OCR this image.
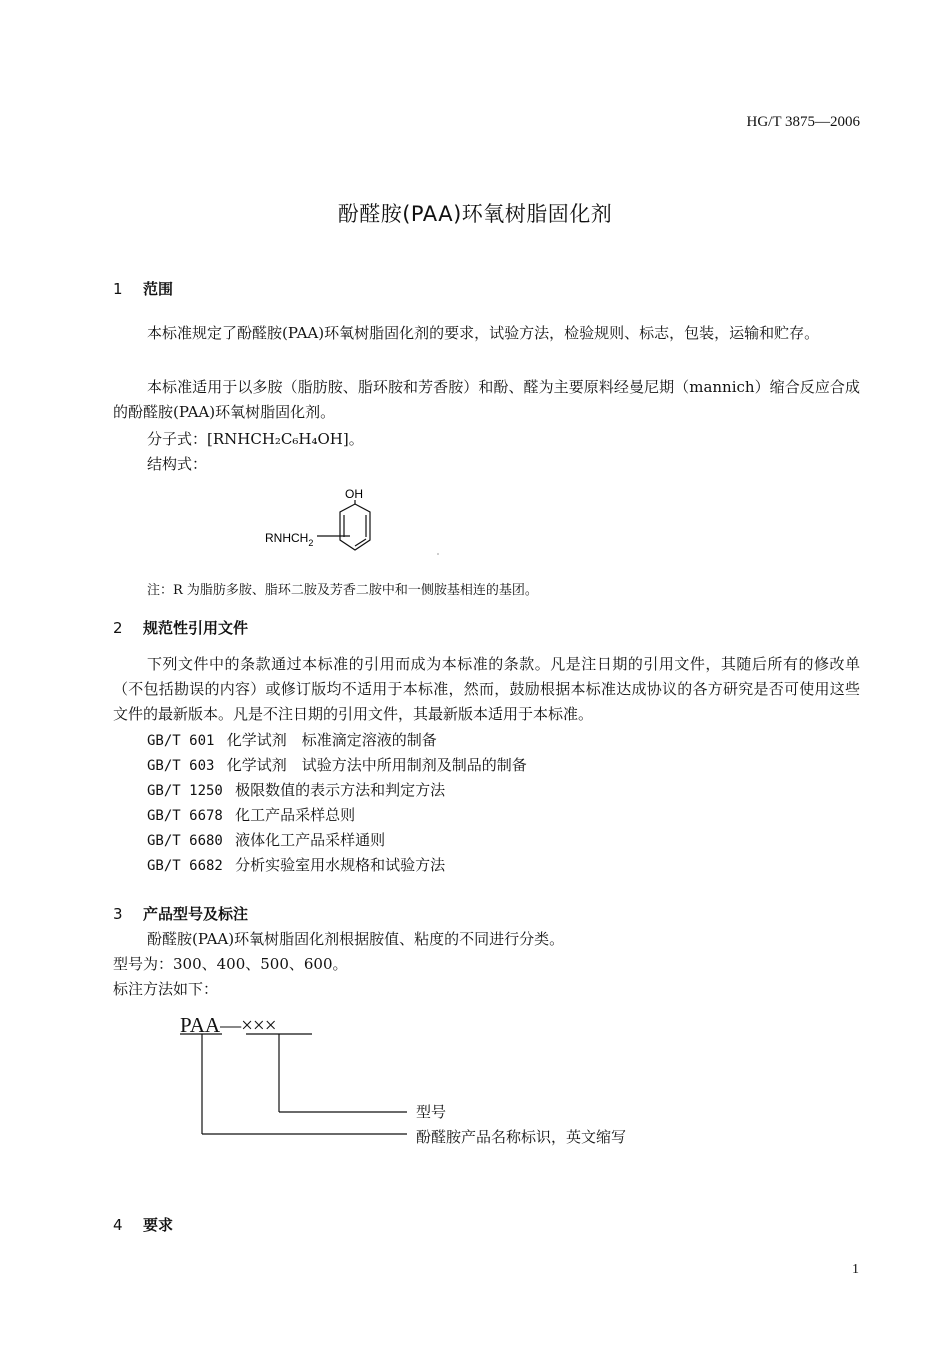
HG/T 3875—2006
酚醛胺(PAA)环氧树脂固化剂
1 范围
本标准规定了酚醛胺(PAA)环氧树脂固化剂的要求，试验方法，检验规则、标志，包装，运输和贮存。
本标准适用于以多胺（脂肪胺、脂环胺和芳香胺）和酚、醛为主要原料经曼尼期（mannich）缩合反应合成的酚醛胺(PAA)环氧树脂固化剂。
分子式：[RNHCH₂C₆H₄OH]。
结构式：
OH
$RNHCH_2$
注：R 为脂肪多胺、脂环二胺及芳香二胺中和一侧胺基相连的基团。
2 规范性引用文件
下列文件中的条款通过本标准的引用而成为本标准的条款。凡是注日期的引用文件，其随后所有的修改单（不包括勘误的内容）或修订版均不适用于本标准，然而，鼓励根据本标准达成协议的各方研究是否可使用这些文件的最新版本。凡是不注日期的引用文件，其最新版本适用于本标准。
GB/T 601  化学试剂　标准滴定溶液的制备
GB/T 603  化学试剂　试验方法中所用制剂及制品的制备
GB/T 1250  极限数值的表示方法和判定方法
GB/T 6678  化工产品采样总则
GB/T 6680  液体化工产品采样通则
GB/T 6682  分析实验室用水规格和试验方法
3 产品型号及标注
酚醛胺(PAA)环氧树脂固化剂根据胺值、粘度的不同进行分类。
型号为：300、400、500、600。
标注方法如下：
PAA—×××
型号
酚醛胺产品名称标识，英文缩写
4 要求
1
